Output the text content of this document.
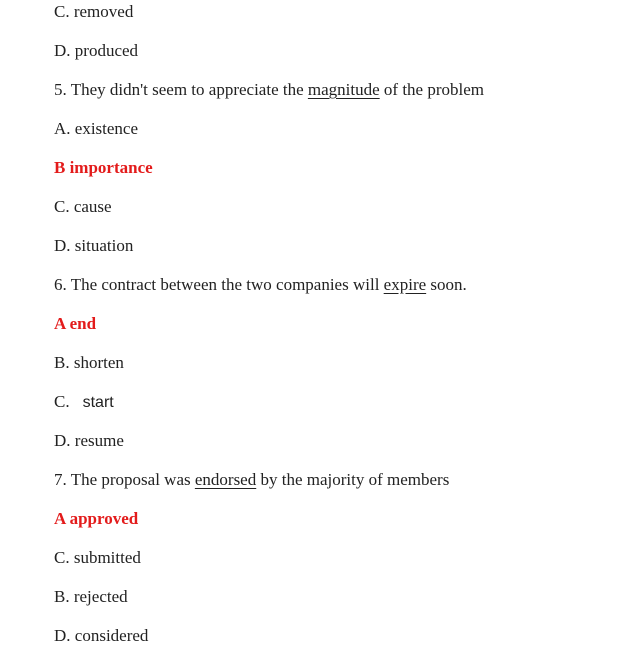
C. removed
D. produced
5. They didn't seem to appreciate the magnitude of the problem
A. existence
B importance
C. cause
D. situation
6. The contract between the two companies will expire soon.
A end
B. shorten
C. start
D. resume
7. The proposal was endorsed by the majority of members
A approved
C. submitted
B. rejected
D. considered
